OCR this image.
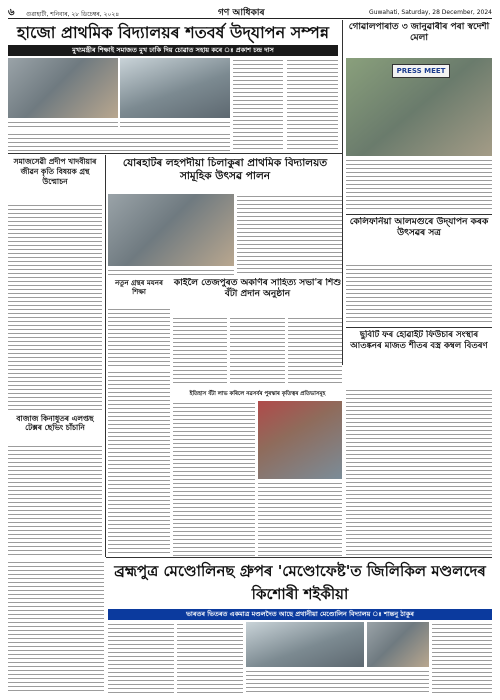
৬ গুৱাহাটী, শনিবাৰ, ২৮ ডিচেম্বৰ, ২০২৪	গণ আধিকাৰ	Guwahati, Saturday, 28 December, 2024
হাজো প্ৰাথমিক বিদ্যালয়ৰ শতবৰ্ষ উদ্‌যাপন সম্পন্ন
মুখ্যমন্ত্ৰীৰ শিক্ষাই সমাজত মুখ ঢাকি দিয় চোৱাত সহায় কৰে ঃ প্ৰকাশ চন্দ্ৰ দাস
গোৱালপাৰাত ৩ জানুৱাৰীৰ পৰা স্বদেশী মেলা
PRESS MEET
সমাজসেৱী প্ৰদীপ খাদবীয়াৰ জীৱন কৃতি বিষয়ক গ্ৰন্থ উন্মোচন
বাজাজ কিনাধুতৰ এলপ্তছ টেক্সৰ ছেভিং চাঁচানি
যোৰহাটৰ লহপদীয়া চিলাকুৰা প্ৰাথমিক বিদ্যালয়ত সামূহিক উৎসৱ পালন
নতুন গ্ৰন্থৰ মযনৰ শিক্ষা
কাইলৈ তেজপুৰত অকণিৰ সাহিত্য সভা'ৰ শিশু বঁটা প্ৰদান অনুষ্ঠান
ইতিহাস বঁটা লাভ কৰিলে নৱসৰ্বৰ পুৰস্কাৰ কৃতিত্বৰ প্ৰতিভাসমূহ
কেলিফৰ্নিয়া আলমগুৰে উদ্‌যাপন কৰক উৎসৱৰ সত্ৰ
ছুবিটি ফৰ হোৱাইট ফিউচাৰ সংস্থাৰ আতঙ্কনৰ মাজত শীতৰ বস্ত্ৰ কম্বল বিতৰণ
ব্ৰহ্মপুত্ৰ মেণ্ডোলিনছ গ্ৰুপৰ 'মেণ্ডোফেষ্ট'ত জিলিকিল মণ্ডলদেৰ কিশোৰী শইকীয়া
ভাৰতৰ ভিতৰত একমাত্ৰ মণ্ডলদৈত আছে প্ৰথানীয়া মেণ্ডোলিন বিদ্যালয় ঃ শান্তনু ঠাকুৰ
